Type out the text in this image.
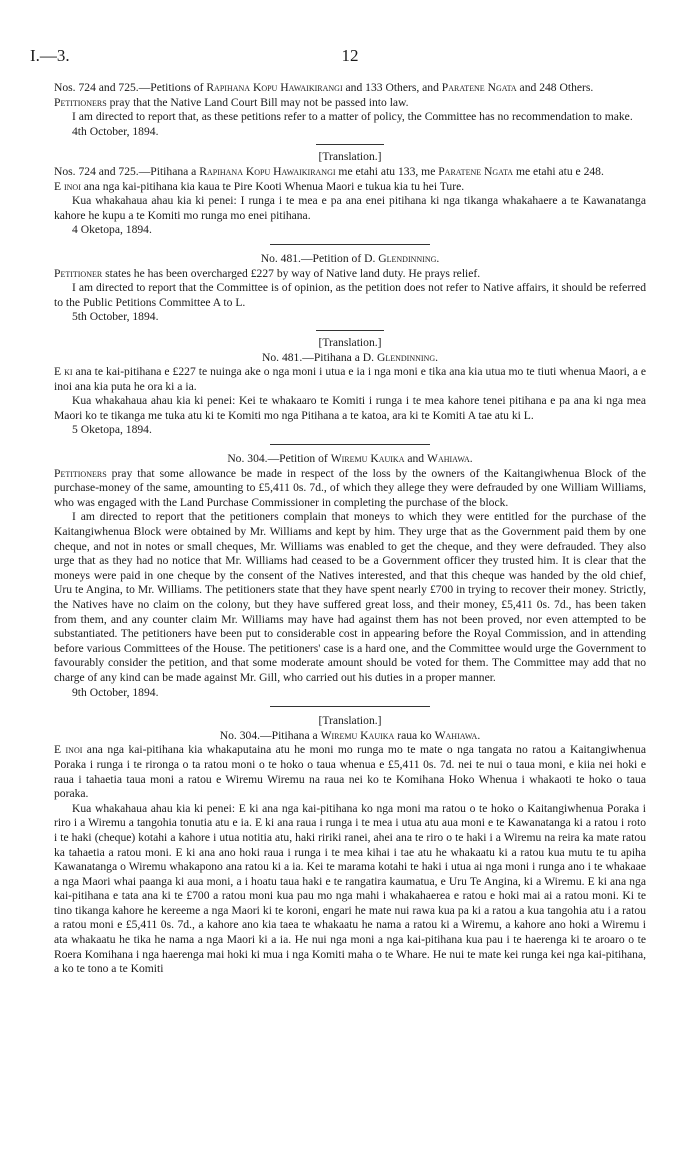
I.—3.	12

Nos. 724 and 725.—Petitions of Rapihana Kopu Hawaikirangi and 133 Others, and Paratene Ngata and 248 Others.

Petitioners pray that the Native Land Court Bill may not be passed into law.

I am directed to report that, as these petitions refer to a matter of policy, the Committee has no recommendation to make.

4th October, 1894.

[Translation.]

Nos. 724 and 725.—Pitihana a Rapihana Kopu Hawaikirangi me etahi atu 133, me Paratene Ngata me etahi atu e 248.

E inoi ana nga kai-pitihana kia kaua te Pire Kooti Whenua Maori e tukua kia tu hei Ture.

Kua whakahaua ahau kia ki penei: I runga i te mea e pa ana enei pitihana ki nga tikanga whakahaere a te Kawanatanga kahore he kupu a te Komiti mo runga mo enei pitihana.

4 Oketopa, 1894.

No. 481.—Petition of D. Glendinning.

Petitioner states he has been overcharged £227 by way of Native land duty. He prays relief.

I am directed to report that the Committee is of opinion, as the petition does not refer to Native affairs, it should be referred to the Public Petitions Committee A to L.

5th October, 1894.

[Translation.]

No. 481.—Pitihana a D. Glendinning.

E ki ana te kai-pitihana e £227 te nuinga ake o nga moni i utua e ia i nga moni e tika ana kia utua mo te tiuti whenua Maori, a e inoi ana kia puta he ora ki a ia.

Kua whakahaua ahau kia ki penei: Kei te whakaaro te Komiti i runga i te mea kahore tenei pitihana e pa ana ki nga mea Maori ko te tikanga me tuka atu ki te Komiti mo nga Pitihana a te katoa, ara ki te Komiti A tae atu ki L.

5 Oketopa, 1894.

No. 304.—Petition of Wiremu Kauika and Wahiawa.

Petitioners pray that some allowance be made in respect of the loss by the owners of the Kaitangiwhenua Block of the purchase-money of the same, amounting to £5,411 0s. 7d., of which they allege they were defrauded by one William Williams, who was engaged with the Land Purchase Commissioner in completing the purchase of the block.

I am directed to report that the petitioners complain that moneys to which they were entitled for the purchase of the Kaitangiwhenua Block were obtained by Mr. Williams and kept by him. They urge that as the Government paid them by one cheque, and not in notes or small cheques, Mr. Williams was enabled to get the cheque, and they were defrauded. They also urge that as they had no notice that Mr. Williams had ceased to be a Government officer they trusted him. It is clear that the moneys were paid in one cheque by the consent of the Natives interested, and that this cheque was handed by the old chief, Uru te Angina, to Mr. Williams. The petitioners state that they have spent nearly £700 in trying to recover their money. Strictly, the Natives have no claim on the colony, but they have suffered great loss, and their money, £5,411 0s. 7d., has been taken from them, and any counter claim Mr. Williams may have had against them has not been proved, nor even attempted to be substantiated. The petitioners have been put to considerable cost in appearing before the Royal Commission, and in attending before various Committees of the House. The petitioners' case is a hard one, and the Committee would urge the Government to favourably consider the petition, and that some moderate amount should be voted for them. The Committee may add that no charge of any kind can be made against Mr. Gill, who carried out his duties in a proper manner.

9th October, 1894.

[Translation.]

No. 304.—Pitihana a Wiremu Kauika raua ko Wahiawa.

E inoi ana nga kai-pitihana kia whakaputaina atu he moni mo runga mo te mate o nga tangata no ratou a Kaitangiwhenua Poraka i runga i te rironga o ta ratou moni o te hoko o taua whenua e £5,411 0s. 7d. nei te nui o taua moni, e kiia nei hoki e raua i tahaetia taua moni a ratou e Wiremu Wiremu na raua nei ko te Komihana Hoko Whenua i whakaoti te hoko o taua poraka.

Kua whakahaua ahau kia ki penei: E ki ana nga kai-pitihana ko nga moni ma ratou o te hoko o Kaitangiwhenua Poraka i riro i a Wiremu a tangohia tonutia atu e ia. E ki ana raua i runga i te mea i utua atu aua moni e te Kawanatanga ki a ratou i roto i te haki (cheque) kotahi a kahore i utua notitia atu, haki ririki ranei, ahei ana te riro o te haki i a Wiremu na reira ka mate ratou ka tahaetia a ratou moni. E ki ana ano hoki raua i runga i te mea kihai i tae atu he whakaatu ki a ratou kua mutu te tu apiha Kawanatanga o Wiremu whakapono ana ratou ki a ia. Kei te marama kotahi te haki i utua ai nga moni i runga ano i te whakaae a nga Maori whai paanga ki aua moni, a i hoatu taua haki e te rangatira kaumatua, e Uru Te Angina, ki a Wiremu. E ki ana nga kai-pitihana e tata ana ki te £700 a ratou moni kua pau mo nga mahi i whakahaerea e ratou e hoki mai ai a ratou moni. Ki te tino tikanga kahore he kereeme a nga Maori ki te koroni, engari he mate nui rawa kua pa ki a ratou a kua tangohia atu i a ratou a ratou moni e £5,411 0s. 7d., a kahore ano kia taea te whakaatu he nama a ratou ki a Wiremu, a kahore ano hoki a Wiremu i ata whakaatu he tika he nama a nga Maori ki a ia. He nui nga moni a nga kai-pitihana kua pau i te haerenga ki te aroaro o te Roera Komihana i nga haerenga mai hoki ki mua i nga Komiti maha o te Whare. He nui te mate kei runga kei nga kai-pitihana, a ko te tono a te Komiti
